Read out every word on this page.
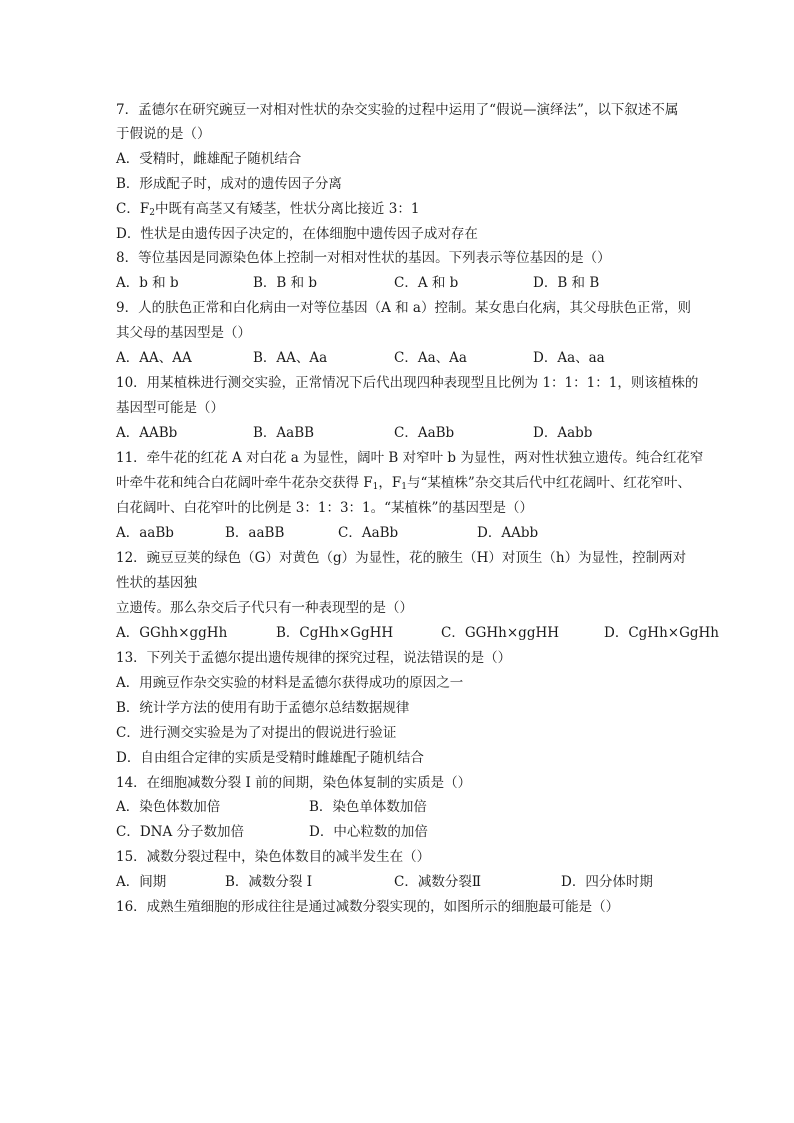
7．孟德尔在研究豌豆一对相对性状的杂交实验的过程中运用了“假说—演绎法”，以下叙述不属
于假说的是（）
A．受精时，雌雄配子随机结合
B．形成配子时，成对的遗传因子分离
C．$F_2$中既有高茎又有矮茎，性状分离比接近 3：1
D．性状是由遗传因子决定的，在体细胞中遗传因子成对存在
8．等位基因是同源染色体上控制一对相对性状的基因。下列表示等位基因的是（）
A．b 和 b	B．B 和 b	C．A 和 b	D．B 和 B
9．人的肤色正常和白化病由一对等位基因（A 和 a）控制。某女患白化病，其父母肤色正常，则
其父母的基因型是（）
A．AA、AA	B．AA、Aa	C．Aa、Aa	D．Aa、aa
10．用某植株进行测交实验，正常情况下后代出现四种表现型且比例为 1：1：1：1，则该植株的
基因型可能是（）
A．AABb	B．AaBB	C．AaBb	D．Aabb
11．牵牛花的红花 A 对白花 a 为显性，阔叶 B 对窄叶 b 为显性，两对性状独立遗传。纯合红花窄
叶牵牛花和纯合白花阔叶牵牛花杂交获得 $F_1$，$F_1$与“某植株”杂交其后代中红花阔叶、红花窄叶、
白花阔叶、白花窄叶的比例是 3：1：3：1。“某植株”的基因型是（）
A．aaBb	B．aaBB	C．AaBb	D．AAbb
12．豌豆豆荚的绿色（G）对黄色（g）为显性，花的腋生（H）对顶生（h）为显性，控制两对
性状的基因独
立遗传。那么杂交后子代只有一种表现型的是（）
A．GGhh×ggHh	B．CgHh×GgHH	C．GGHh×ggHH	D．CgHh×GgHh
13．下列关于孟德尔提出遗传规律的探究过程，说法错误的是（）
A．用豌豆作杂交实验的材料是孟德尔获得成功的原因之一
B．统计学方法的使用有助于孟德尔总结数据规律
C．进行测交实验是为了对提出的假说进行验证
D．自由组合定律的实质是受精时雌雄配子随机结合
14．在细胞减数分裂 I 前的间期，染色体复制的实质是（）
A．染色体数加倍	B．染色单体数加倍
C．DNA 分子数加倍	D．中心粒数的加倍
15．减数分裂过程中，染色体数目的减半发生在（）
A．间期	B．减数分裂 I	C．减数分裂Ⅱ	D．四分体时期
16．成熟生殖细胞的形成往往是通过减数分裂实现的，如图所示的细胞最可能是（）
